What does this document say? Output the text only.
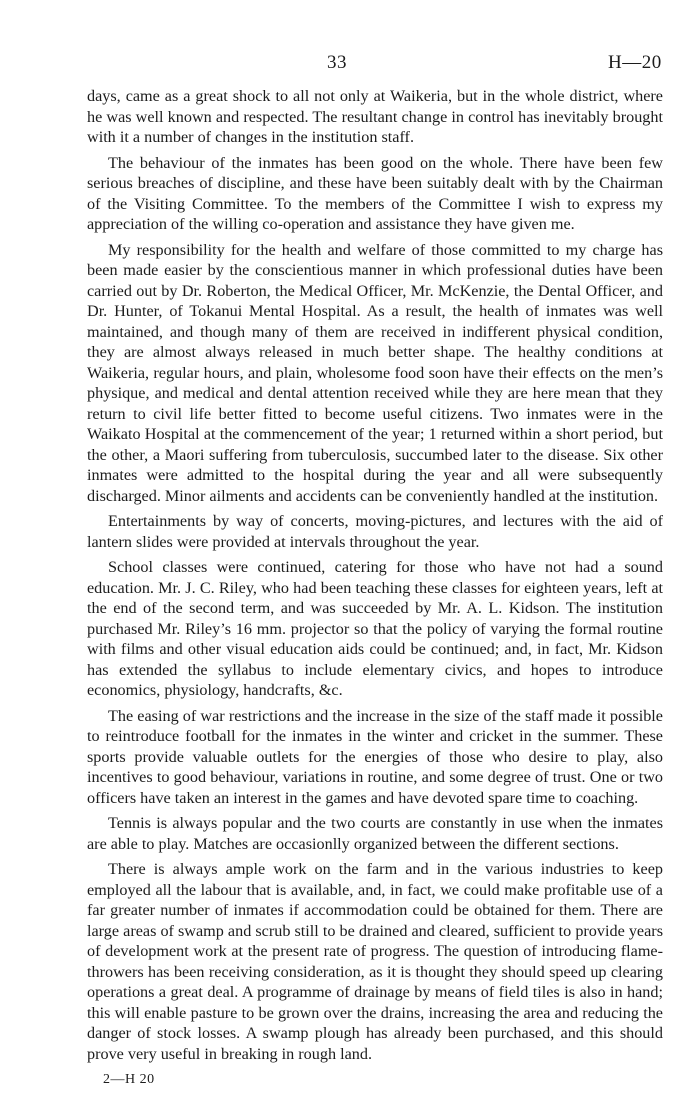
33	H—20

days, came as a great shock to all not only at Waikeria, but in the whole district, where he was well known and respected. The resultant change in control has inevitably brought with it a number of changes in the institution staff.

The behaviour of the inmates has been good on the whole. There have been few serious breaches of discipline, and these have been suitably dealt with by the Chairman of the Visiting Committee. To the members of the Committee I wish to express my appreciation of the willing co-operation and assistance they have given me.

My responsibility for the health and welfare of those committed to my charge has been made easier by the conscientious manner in which professional duties have been carried out by Dr. Roberton, the Medical Officer, Mr. McKenzie, the Dental Officer, and Dr. Hunter, of Tokanui Mental Hospital. As a result, the health of inmates was well maintained, and though many of them are received in indifferent physical condition, they are almost always released in much better shape. The healthy conditions at Waikeria, regular hours, and plain, wholesome food soon have their effects on the men’s physique, and medical and dental attention received while they are here mean that they return to civil life better fitted to become useful citizens. Two inmates were in the Waikato Hospital at the commencement of the year; 1 returned within a short period, but the other, a Maori suffering from tuberculosis, succumbed later to the disease. Six other inmates were admitted to the hospital during the year and all were subsequently discharged. Minor ailments and accidents can be conveniently handled at the institution.

Entertainments by way of concerts, moving-pictures, and lectures with the aid of lantern slides were provided at intervals throughout the year.

School classes were continued, catering for those who have not had a sound education. Mr. J. C. Riley, who had been teaching these classes for eighteen years, left at the end of the second term, and was succeeded by Mr. A. L. Kidson. The institution purchased Mr. Riley’s 16 mm. projector so that the policy of varying the formal routine with films and other visual education aids could be continued; and, in fact, Mr. Kidson has extended the syllabus to include elementary civics, and hopes to introduce economics, physiology, handcrafts, &c.

The easing of war restrictions and the increase in the size of the staff made it possible to reintroduce football for the inmates in the winter and cricket in the summer. These sports provide valuable outlets for the energies of those who desire to play, also incentives to good behaviour, variations in routine, and some degree of trust. One or two officers have taken an interest in the games and have devoted spare time to coaching.

Tennis is always popular and the two courts are constantly in use when the inmates are able to play. Matches are occasionlly organized between the different sections.

There is always ample work on the farm and in the various industries to keep employed all the labour that is available, and, in fact, we could make profitable use of a far greater number of inmates if accommodation could be obtained for them. There are large areas of swamp and scrub still to be drained and cleared, sufficient to provide years of development work at the present rate of progress. The question of introducing flame-throwers has been receiving consideration, as it is thought they should speed up clearing operations a great deal. A programme of drainage by means of field tiles is also in hand; this will enable pasture to be grown over the drains, increasing the area and reducing the danger of stock losses. A swamp plough has already been purchased, and this should prove very useful in breaking in rough land.

2—H 20
